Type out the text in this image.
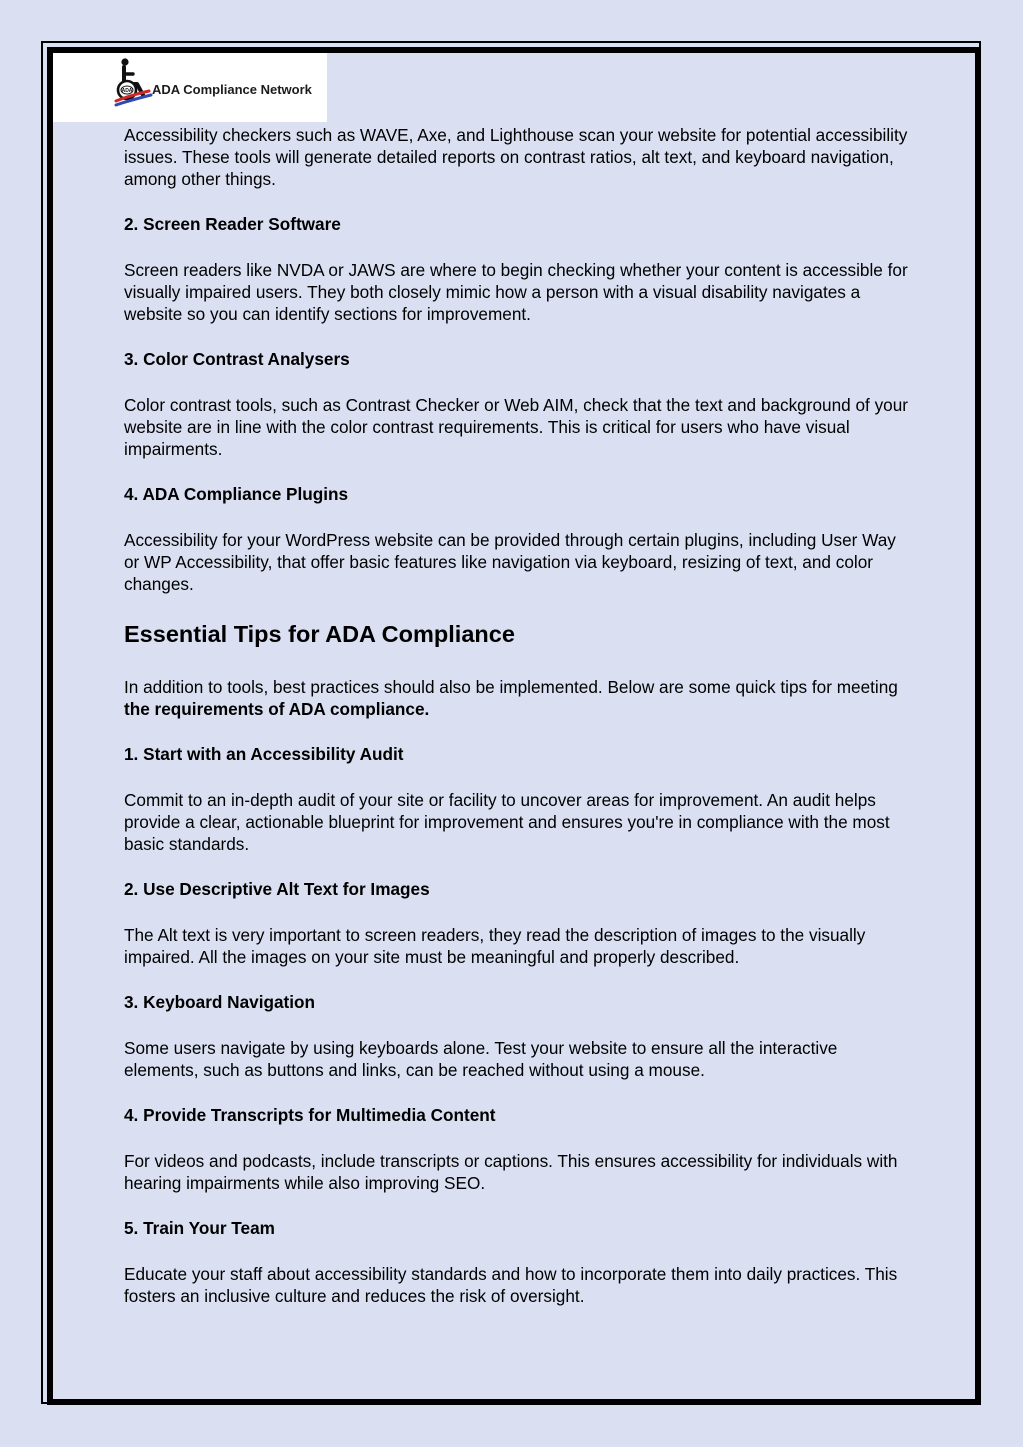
ADA ADA Compliance Network

Accessibility checkers such as WAVE, Axe, and Lighthouse scan your website for potential accessibility issues. These tools will generate detailed reports on contrast ratios, alt text, and keyboard navigation, among other things.

2. Screen Reader Software

Screen readers like NVDA or JAWS are where to begin checking whether your content is accessible for visually impaired users. They both closely mimic how a person with a visual disability navigates a website so you can identify sections for improvement.

3. Color Contrast Analysers

Color contrast tools, such as Contrast Checker or Web AIM, check that the text and background of your website are in line with the color contrast requirements. This is critical for users who have visual impairments.

4. ADA Compliance Plugins

Accessibility for your WordPress website can be provided through certain plugins, including User Way or WP Accessibility, that offer basic features like navigation via keyboard, resizing of text, and color changes.

Essential Tips for ADA Compliance

In addition to tools, best practices should also be implemented. Below are some quick tips for meeting the requirements of ADA compliance.

1. Start with an Accessibility Audit

Commit to an in-depth audit of your site or facility to uncover areas for improvement. An audit helps provide a clear, actionable blueprint for improvement and ensures you're in compliance with the most basic standards.

2. Use Descriptive Alt Text for Images

The Alt text is very important to screen readers, they read the description of images to the visually impaired. All the images on your site must be meaningful and properly described.

3. Keyboard Navigation

Some users navigate by using keyboards alone. Test your website to ensure all the interactive elements, such as buttons and links, can be reached without using a mouse.

4. Provide Transcripts for Multimedia Content

For videos and podcasts, include transcripts or captions. This ensures accessibility for individuals with hearing impairments while also improving SEO.

5. Train Your Team

Educate your staff about accessibility standards and how to incorporate them into daily practices. This fosters an inclusive culture and reduces the risk of oversight.
